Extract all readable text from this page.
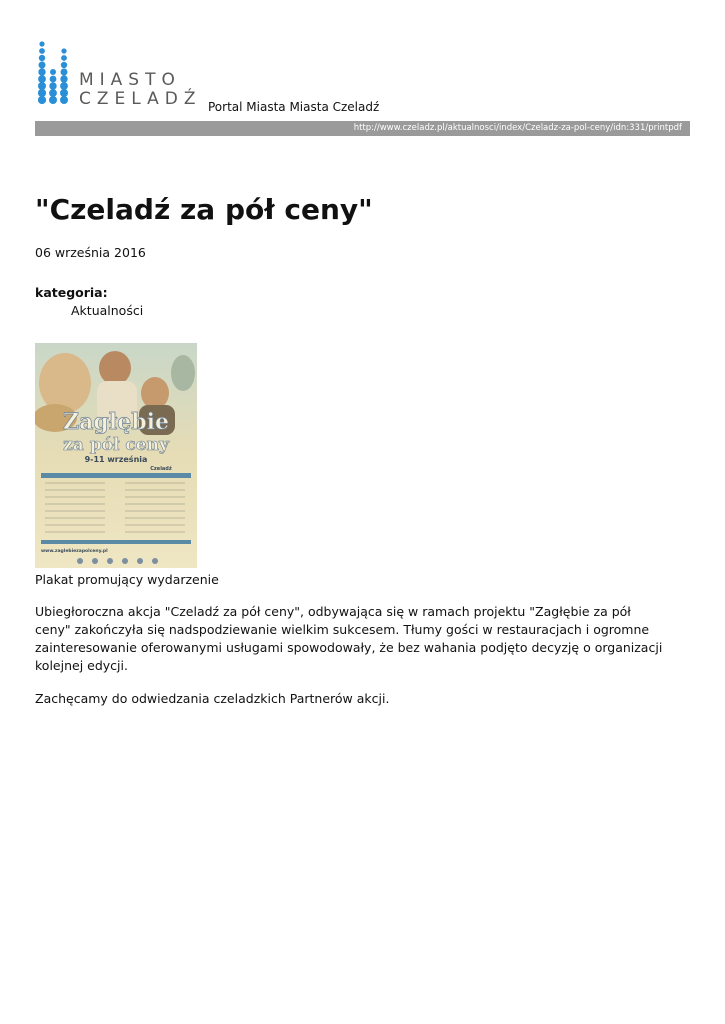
MIASTO
CZELADŹ Portal Miasta Miasta Czeladź
http://www.czeladz.pl/aktualnosci/index/Czeladz-za-pol-ceny/idn:331/printpdf
"Czeladź za pół ceny"
06 września 2016
kategoria:
Aktualności
Zagłębie
za pół ceny
9-11 września
Czeladź
www.zaglebiezapolceny.pl
Plakat promujący wydarzenie

Ubiegłoroczna akcja "Czeladź za pół ceny", odbywająca się w ramach projektu "Zagłębie za pół ceny" zakończyła się nadspodziewanie wielkim sukcesem. Tłumy gości w restauracjach i ogromne zainteresowanie oferowanymi usługami spowodowały, że bez wahania podjęto decyzję o organizacji kolejnej edycji.

Zachęcamy do odwiedzania czeladzkich Partnerów akcji.
